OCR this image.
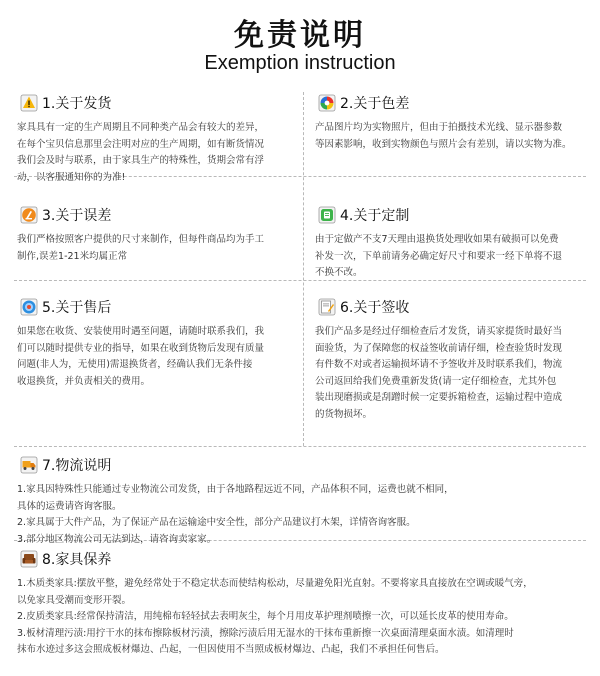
免责说明
Exemption instruction
1.关于发货
家具具有一定的生产周期且不同种类产品会有较大的差异，
在每个宝贝信息那里会注明对应的生产周期，如有断货情况
我们会及时与联系，由于家具生产的特殊性，货期会常有浮
动，以客服通知你的为准!
2.关于色差
产品图片均为实物照片，但由于拍摄技术光线、显示器参数
等因素影响，收到实物颜色与照片会有差别，请以实物为准。
3.关于误差
我们严格按照客户提供的尺寸来制作，但每件商品均为手工
制作,误差1-21米均属正常
4.关于定制
由于定做产不支7天理由退换货处理收如果有破损可以免费
补发一次，下单前请务必确定好尺寸和要求一经下单将不退
不换不改。
5.关于售后
如果您在收货、安装使用时遇至问题，请随时联系我们，我
们可以随时提供专业的指导，如果在收到货物后发现有质量
问题(非人为，无使用)需退换货者，经确认我们无条件接
收退换货，并负责相关的费用。
6.关于签收
我们产品多是经过仔细检查后才发货，请买家提货时最好当
面验货，为了保障您的权益签收前请仔细，检查验货时发现
有件数不对或者运输损坏请不予签收并及时联系我们，物流
公司返回给我们免费重新发货(请一定仔细检查，尤其外包
装出现磨损或是刮蹭时候一定要拆箱检查，运输过程中造成
的货物损坏。
7.物流说明
1.家具因特殊性只能通过专业物流公司发货，由于各地路程远近不同，产品体积不同，运费也就不相同，
具体的运费请咨询客服。
2.家具属于大件产品，为了保证产品在运输途中安全性，部分产品建议打木架，详情咨询客服。
3.部分地区物流公司无法到达，请咨询卖家家。
8.家具保养
1.木质类家具:摆放平整，避免经常处于不稳定状态而使结构松动，尽量避免阳光直射。不要将家具直接放在空调或暖气旁，
以免家具受潮而变形开裂。
2.皮质类家具:经常保持清洁，用纯棉布轻轻拭去表明灰尘，每个月用皮革护理剂喷擦一次，可以延长皮革的使用寿命。
3.板材清理污渍:用拧干水的抹布擦除板材污渍，擦除污渍后用无湿水的干抹布重新擦一次桌面清理桌面水渍。如清理时
抹布水迹过多这会照成板材爆边、凸起，一但因使用不当照成板材爆边、凸起，我们不承担任何售后。
